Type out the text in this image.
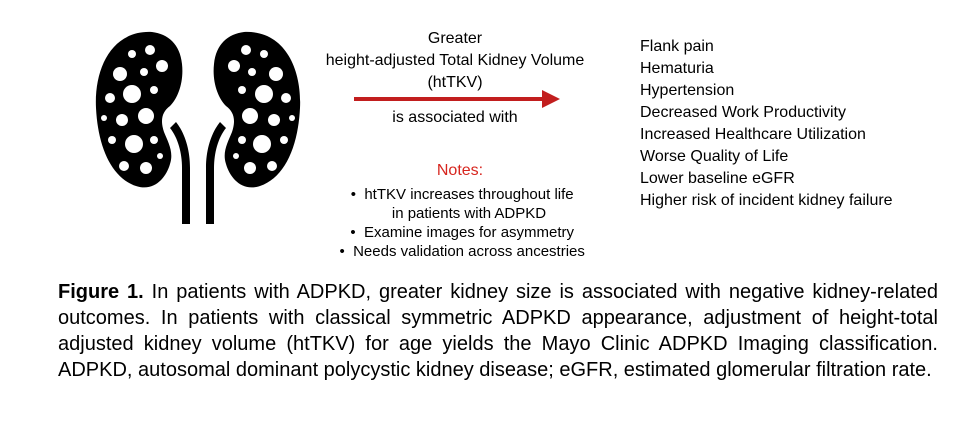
Greater
height-adjusted Total Kidney Volume
(htTKV)
is associated with
Notes:
• htTKV increases throughout life
in patients with ADPKD
• Examine images for asymmetry
• Needs validation across ancestries
Flank pain
Hematuria
Hypertension
Decreased Work Productivity
Increased Healthcare Utilization
Worse Quality of Life
Lower baseline eGFR
Higher risk of incident kidney failure
Figure 1. In patients with ADPKD, greater kidney size is associated with negative kidney-related outcomes. In patients with classical symmetric ADPKD appearance, adjustment of height-total adjusted kidney volume (htTKV) for age yields the Mayo Clinic ADPKD Imaging classification. ADPKD, autosomal dominant polycystic kidney disease; eGFR, estimated glomerular filtration rate.
